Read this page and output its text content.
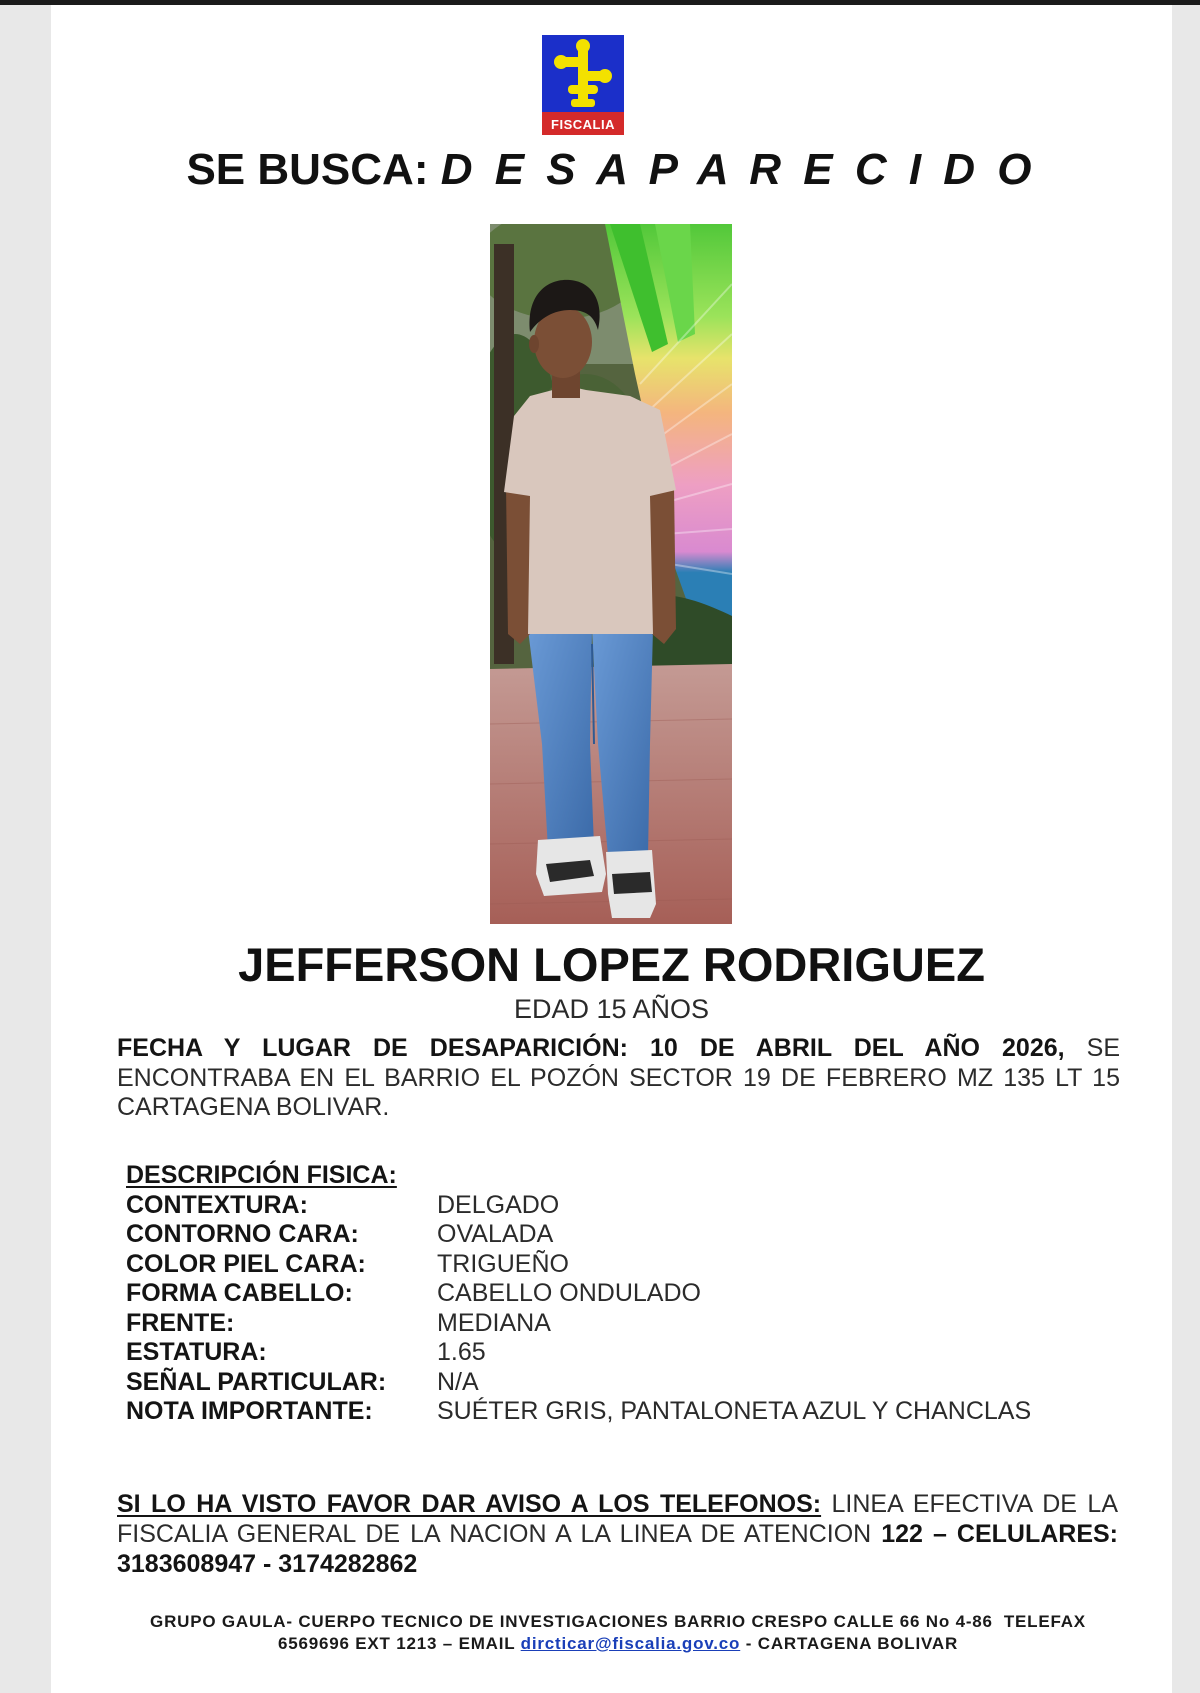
FISCALIA
SE BUSCA: D E S A P A R E C I D O
JEFFERSON LOPEZ RODRIGUEZ
EDAD 15 AÑOS
FECHA Y LUGAR DE DESAPARICIÓN: 10 DE ABRIL DEL AÑO 2026, SE
ENCONTRABA EN EL BARRIO EL POZÓN SECTOR 19 DE FEBRERO MZ 135 LT 15
CARTAGENA BOLIVAR.
DESCRIPCIÓN FISICA:
CONTEXTURA:	DELGADO
CONTORNO CARA:	OVALADA
COLOR PIEL CARA:	TRIGUEÑO
FORMA CABELLO:	CABELLO ONDULADO
FRENTE:	MEDIANA
ESTATURA:	1.65
SEÑAL PARTICULAR:	N/A
NOTA IMPORTANTE:	SUÉTER GRIS, PANTALONETA AZUL Y CHANCLAS
SI LO HA VISTO FAVOR DAR AVISO A LOS TELEFONOS: LINEA EFECTIVA DE LA
FISCALIA GENERAL DE LA NACION A LA LINEA DE ATENCION 122 – CELULARES:
3183608947 - 3174282862
GRUPO GAULA- CUERPO TECNICO DE INVESTIGACIONES BARRIO CRESPO CALLE 66 No 4-86  TELEFAX
6569696 EXT 1213 – EMAIL dircticar@fiscalia.gov.co - CARTAGENA BOLIVAR
